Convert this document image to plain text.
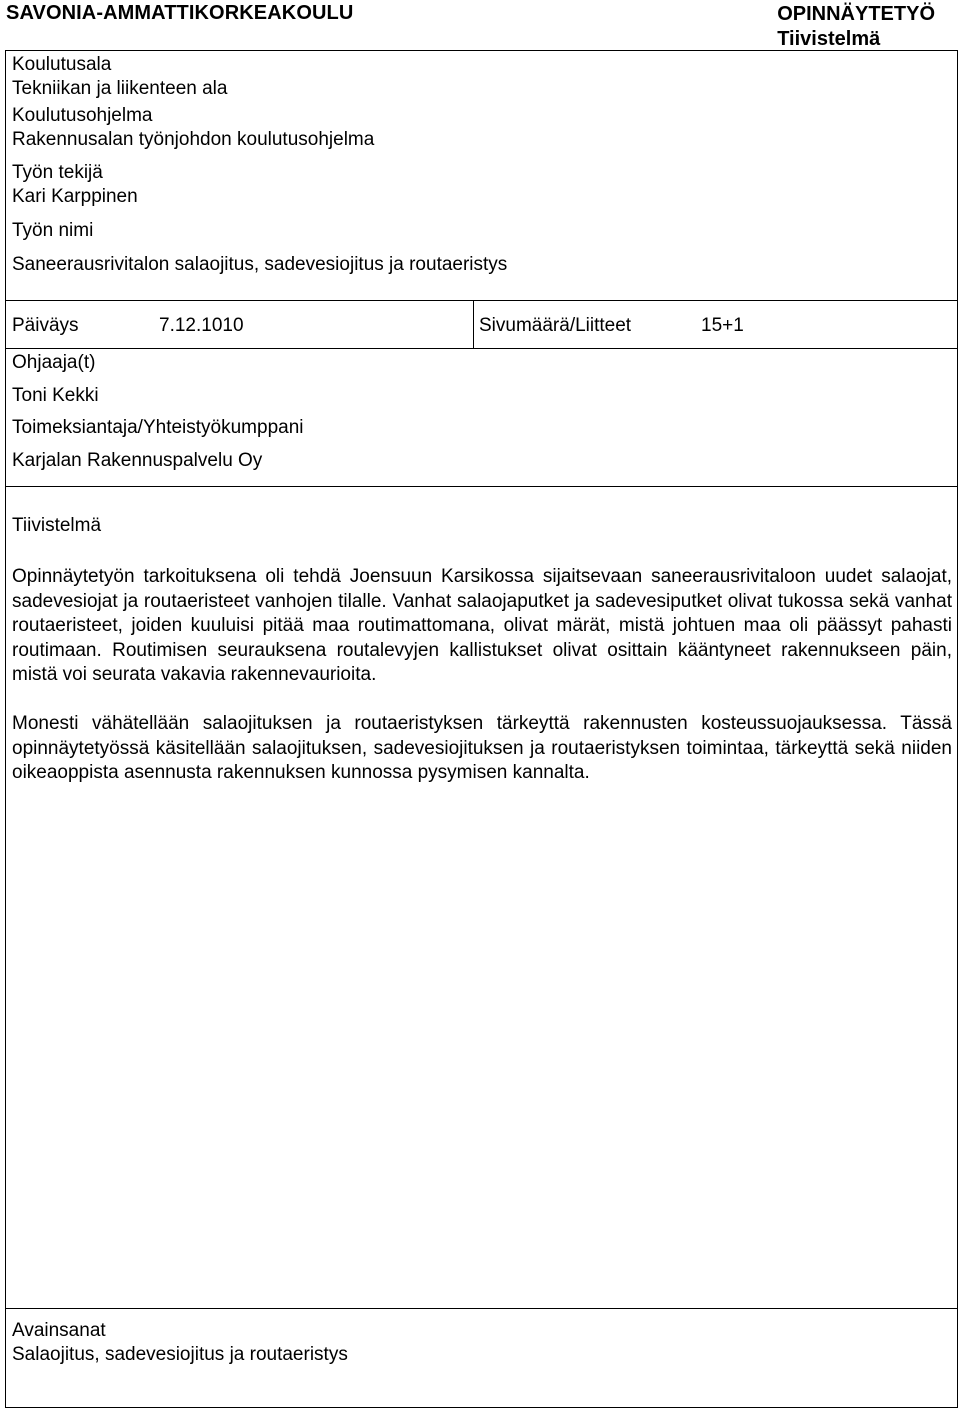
SAVONIA-AMMATTIKORKEAKOULU	OPINNÄYTETYÖ
Tiivistelmä
Koulutusala
Tekniikan ja liikenteen ala
Koulutusohjelma
Rakennusalan työnjohdon koulutusohjelma
Työn tekijä
Kari Karppinen
Työn nimi
Saneerausrivitalon salaojitus, sadevesiojitus ja routaeristys
Päiväys	7.12.1010	Sivumäärä/Liitteet	15+1
Ohjaaja(t)
Toni Kekki
Toimeksiantaja/Yhteistyökumppani
Karjalan Rakennuspalvelu Oy
Tiivistelmä

Opinnäytetyön tarkoituksena oli tehdä Joensuun Karsikossa sijaitsevaan saneerausrivitaloon uudet salaojat, sadevesiojat ja routaeristeet vanhojen tilalle. Vanhat salaojaputket ja sadevesiputket olivat tukossa sekä vanhat routaeristeet, joiden kuuluisi pitää maa routimattomana, olivat märät, mistä johtuen maa oli päässyt pahasti routimaan. Routimisen seurauksena routalevyjen kallistukset olivat osittain kääntyneet rakennukseen päin, mistä voi seurata vakavia rakennevaurioita.

Monesti vähätellään salaojituksen ja routaeristyksen tärkeyttä rakennusten kosteussuojauksessa. Tässä opinnäytetyössä käsitellään salaojituksen, sadevesiojituksen ja routaeristyksen toimintaa, tärkeyttä sekä niiden oikeaoppista asennusta rakennuksen kunnossa pysymisen kannalta.

Avainsanat
Salaojitus, sadevesiojitus ja routaeristys
